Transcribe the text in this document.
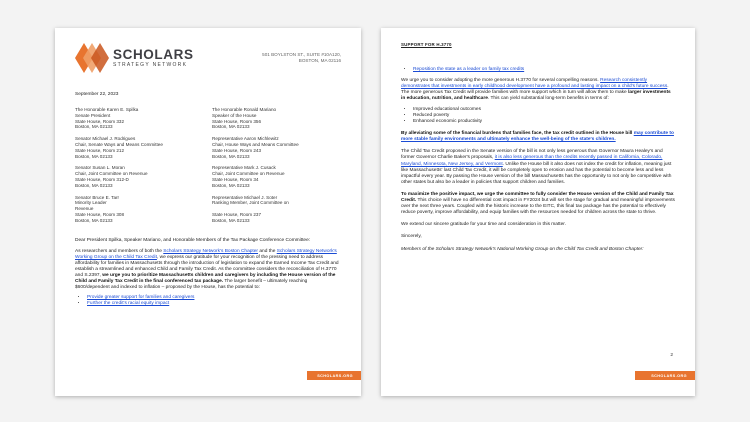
SCHOLARS
STRATEGY NETWORK
501 BOYLSTON ST., SUITE #10A120,
BOSTON, MA 02116
September 22, 2023
The Honorable Karen E. Spilka
Senate President
State House, Room 332
Boston, MA 02133
The Honorable Ronald Mariano
Speaker of the House
State House, Room 356
Boston, MA 02133
Senator Michael J. Rodrigues
Chair, Senate Ways and Means Committee
State House, Room 212
Boston, MA 02133
Representative Aaron Michlewitz
Chair, House Ways and Means Committee
State House, Room 243
Boston, MA 02133
Senator Susan L. Moran
Chair, Joint Committee on Revenue
State House, Room 312-D
Boston, MA 02133
Representative Mark J. Cusack
Chair, Joint Committee on Revenue
State House, Room 34
Boston, MA 02133
Senator Bruce E. Tarr
Minority Leader
Revenue
State House, Room 308
Boston, MA 02133
Representative Michael J. Soter
Ranking Member, Joint Committee on

State House, Room 237
Boston, MA 02133
Dear President Spilka, Speaker Mariano, and Honorable Members of the Tax Package Conference Committee:
As researchers and members of both the Scholars Strategy Network's Boston Chapter and the Scholars Strategy Network's Working Group on the Child Tax Credit, we express our gratitude for your recognition of the pressing need to address affordability for families in Massachusetts through the introduction of legislation to expand the Earned Income Tax Credit and establish a streamlined and enhanced Child and Family Tax Credit. As the committee considers the reconciliation of H.3770 and S.2397, we urge you to prioritize Massachusetts children and caregivers by including the House version of the Child and Family Tax Credit in the final conferenced tax package. The larger benefit – ultimately reaching $600/dependent and indexed to inflation – proposed by the House, has the potential to:
• Provide greater support for families and caregivers
• Further the credit's racial equity impact
SCHOLARS.ORG
SUPPORT FOR H.3770
• Reposition the state as a leader on family tax credits
We urge you to consider adopting the more generous H.3770 for several compelling reasons. Research consistently demonstrates that investments in early childhood development have a profound and lasting impact on a child's future success. The more generous Tax Credit will provide families with more support which in turn will allow them to make larger investments in education, nutrition, and healthcare. This can yield substantial long-term benefits in terms of:
• Improved educational outcomes
• Reduced poverty
• Enhanced economic productivity
By alleviating some of the financial burdens that families face, the tax credit outlined in the House bill may contribute to more stable family environments and ultimately enhance the well-being of the state's children.
The Child Tax Credit proposed in the Senate version of the bill is not only less generous than Governor Maura Healey's and former Governor Charlie Baker's proposals, it is also less generous than the credits recently passed in California, Colorado, Maryland, Minnesota, New Jersey, and Vermont. Unlike the House bill it also does not index the credit for inflation, meaning just like Massachusetts' last Child Tax Credit, it will be completely open to erosion and has the potential to become less and less impactful every year. By passing the House version of the bill Massachusetts has the opportunity to not only be competitive with other states but also be a leader in policies that support children and families.
To maximize the positive impact, we urge the committee to fully consider the House version of the Child and Family Tax Credit. This choice will have no differential cost impact in FY2024 but will set the stage for gradual and meaningful improvements over the next three years. Coupled with the historic increase to the EITC, this final tax package has the potential to effectively reduce poverty, improve affordability, and equip families with the resources needed for children across the state to thrive.
We extend our sincere gratitude for your time and consideration in this matter.
Sincerely,
Members of the Scholars Strategy Network's National Working Group on the Child Tax Credit and Boston Chapter:
2
SCHOLARS.ORG
